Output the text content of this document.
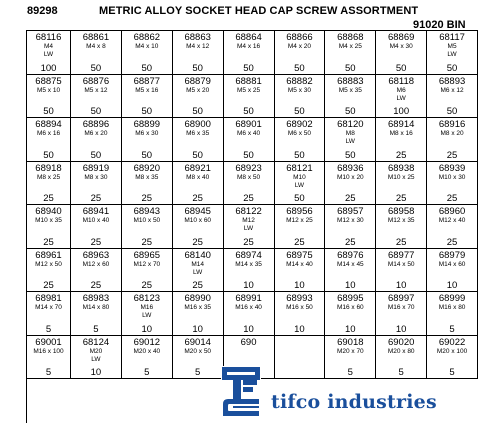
89298	METRIC ALLOY SOCKET HEAD CAP SCREW ASSORTMENT
91020 BIN
68116
M4
LW
100
68861
M4 x 8
50
68862
M4 x 10
50
68863
M4 x 12
50
68864
M4 x 16
50
68866
M4 x 20
50
68868
M4 x 25
50
68869
M4 x 30
50
68117
M5
LW
50
68875
M5 x 10
50
68876
M5 x 12
50
68877
M5 x 16
50
68879
M5 x 20
50
68881
M5 x 25
50
68882
M5 x 30
50
68883
M5 x 35
50
68118
M6
LW
100
68893
M6 x 12
50
68894
M6 x 16
50
68896
M6 x 20
50
68899
M6 x 30
50
68900
M6 x 35
50
68901
M6 x 40
50
68902
M6 x 50
50
68120
M8
LW
50
68914
M8 x 16
25
68916
M8 x 20
25
68918
M8 x 25
25
68919
M8 x 30
25
68920
M8 x 35
25
68921
M8 x 40
25
68923
M8 x 50
25
68121
M10
LW
50
68936
M10 x 20
25
68938
M10 x 25
25
68939
M10 x 30
25
68940
M10 x 35
25
68941
M10 x 40
25
68943
M10 x 50
25
68945
M10 x 60
25
68122
M12
LW
25
68956
M12 x 25
25
68957
M12 x 30
25
68958
M12 x 35
25
68960
M12 x 40
25
68961
M12 x 50
25
68963
M12 x 60
25
68965
M12 x 70
25
68140
M14
LW
25
68974
M14 x 35
10
68975
M14 x 40
10
68976
M14 x 45
10
68977
M14 x 50
10
68979
M14 x 60
10
68981
M14 x 70
5
68983
M14 x 80
5
68123
M16
LW
10
68990
M16 x 35
10
68991
M16 x 40
10
68993
M16 x 50
10
68995
M16 x 60
10
68997
M16 x 70
10
68999
M16 x 80
5
69001
M16 x 100
5
68124
M20
LW
10
69012
M20 x 40
5
69014
M20 x 50
5
690	69018
M20 x 70
5
69020
M20 x 80
5
69022
M20 x 100
5
tifco industries
